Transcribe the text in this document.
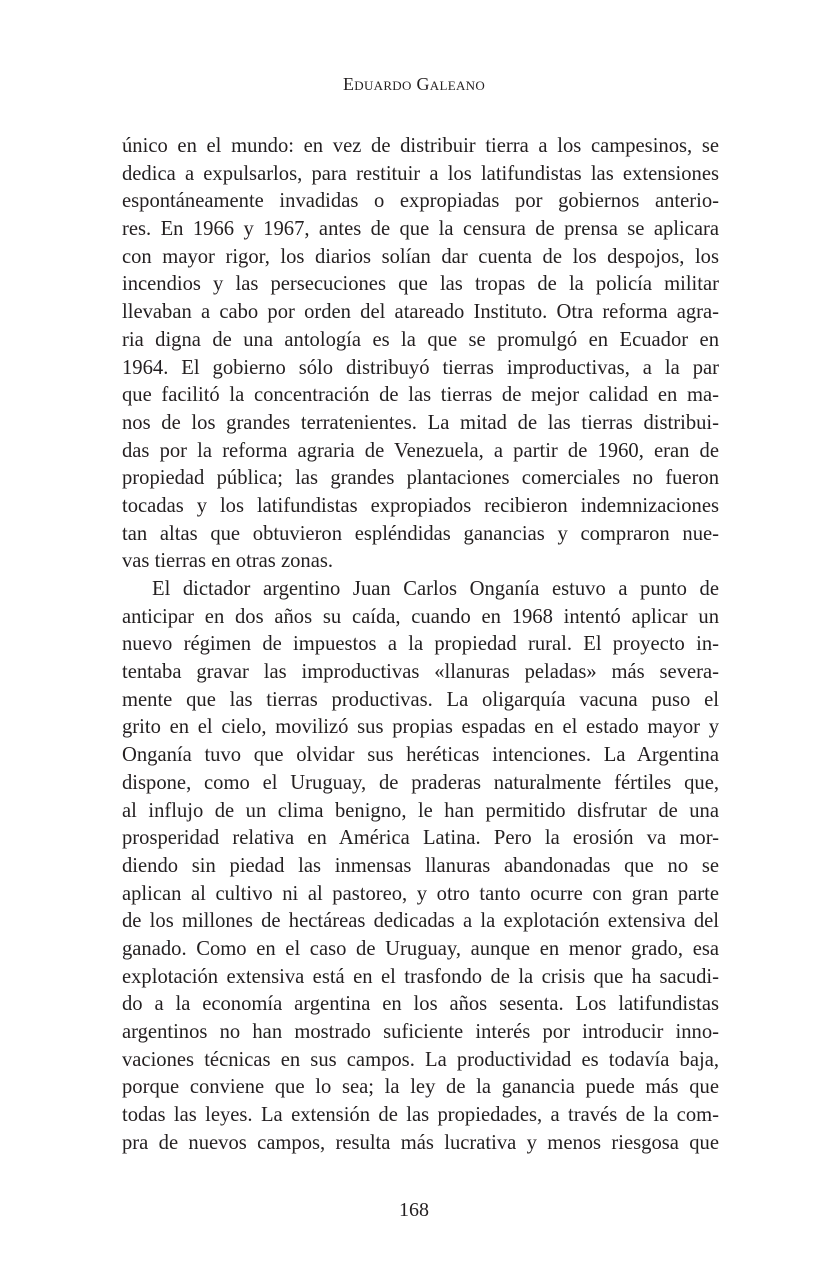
Eduardo Galeano
único en el mundo: en vez de distribuir tierra a los campesinos, se
dedica a expulsarlos, para restituir a los latifundistas las extensiones
espontáneamente invadidas o expropiadas por gobiernos anterio-
res. En 1966 y 1967, antes de que la censura de prensa se aplicara
con mayor rigor, los diarios solían dar cuenta de los despojos, los
incendios y las persecuciones que las tropas de la policía militar
llevaban a cabo por orden del atareado Instituto. Otra reforma agra-
ria digna de una antología es la que se promulgó en Ecuador en
1964. El gobierno sólo distribuyó tierras improductivas, a la par
que facilitó la concentración de las tierras de mejor calidad en ma-
nos de los grandes terratenientes. La mitad de las tierras distribui-
das por la reforma agraria de Venezuela, a partir de 1960, eran de
propiedad pública; las grandes plantaciones comerciales no fueron
tocadas y los latifundistas expropiados recibieron indemnizaciones
tan altas que obtuvieron espléndidas ganancias y compraron nue-
vas tierras en otras zonas.
El dictador argentino Juan Carlos Onganía estuvo a punto de
anticipar en dos años su caída, cuando en 1968 intentó aplicar un
nuevo régimen de impuestos a la propiedad rural. El proyecto in-
tentaba gravar las improductivas «llanuras peladas» más severa-
mente que las tierras productivas. La oligarquía vacuna puso el
grito en el cielo, movilizó sus propias espadas en el estado mayor y
Onganía tuvo que olvidar sus heréticas intenciones. La Argentina
dispone, como el Uruguay, de praderas naturalmente fértiles que,
al influjo de un clima benigno, le han permitido disfrutar de una
prosperidad relativa en América Latina. Pero la erosión va mor-
diendo sin piedad las inmensas llanuras abandonadas que no se
aplican al cultivo ni al pastoreo, y otro tanto ocurre con gran parte
de los millones de hectáreas dedicadas a la explotación extensiva del
ganado. Como en el caso de Uruguay, aunque en menor grado, esa
explotación extensiva está en el trasfondo de la crisis que ha sacudi-
do a la economía argentina en los años sesenta. Los latifundistas
argentinos no han mostrado suficiente interés por introducir inno-
vaciones técnicas en sus campos. La productividad es todavía baja,
porque conviene que lo sea; la ley de la ganancia puede más que
todas las leyes. La extensión de las propiedades, a través de la com-
pra de nuevos campos, resulta más lucrativa y menos riesgosa que
168
